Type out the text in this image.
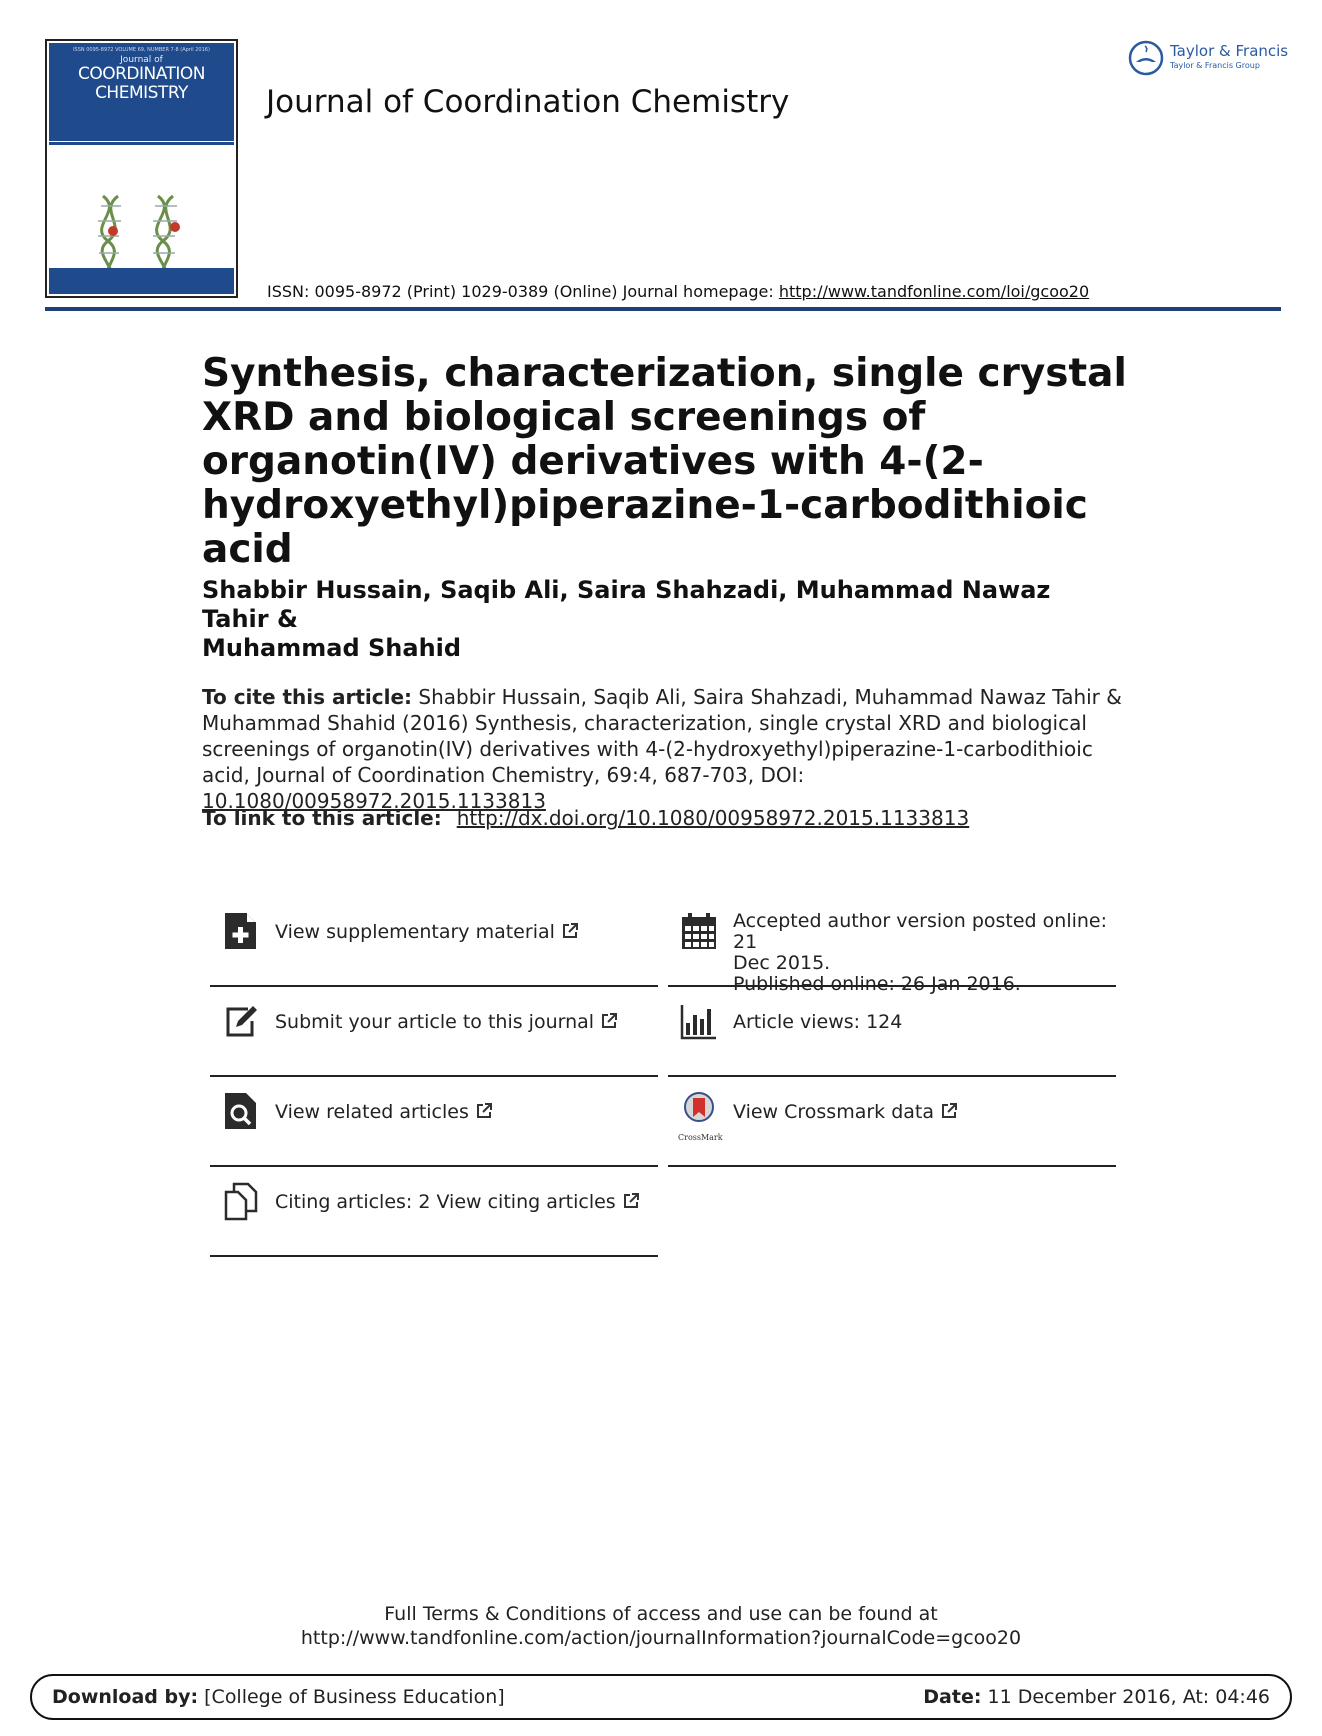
ISSN 0095-8972 VOLUME 69, NUMBER 7-8 (April 2016)
Journal of
COORDINATION
CHEMISTRY	Journal of Coordination Chemistry
ISSN: 0095-8972 (Print) 1029-0389 (Online) Journal homepage: http://www.tandfonline.com/loi/gcoo20
Taylor & Francis
Taylor & Francis Group
Synthesis, characterization, single crystal XRD and biological screenings of organotin(IV) derivatives with 4-(2-hydroxyethyl)piperazine-1-carbodithioic acid
Shabbir Hussain, Saqib Ali, Saira Shahzadi, Muhammad Nawaz Tahir &
Muhammad Shahid
To cite this article: Shabbir Hussain, Saqib Ali, Saira Shahzadi, Muhammad Nawaz Tahir & Muhammad Shahid (2016) Synthesis, characterization, single crystal XRD and biological screenings of organotin(IV) derivatives with 4-(2-hydroxyethyl)piperazine-1-carbodithioic acid, Journal of Coordination Chemistry, 69:4, 687-703, DOI: 10.1080/00958972.2015.1133813
To link to this article: http://dx.doi.org/10.1080/00958972.2015.1133813
View supplementary material
Submit your article to this journal
View related articles
Citing articles: 2 View citing articles
Accepted author version posted online: 21
Dec 2015.
Published online: 26 Jan 2016.
Article views: 124
CrossMark
View Crossmark data
Full Terms & Conditions of access and use can be found at
http://www.tandfonline.com/action/journalInformation?journalCode=gcoo20
Download by: [College of Business Education]	Date: 11 December 2016, At: 04:46
